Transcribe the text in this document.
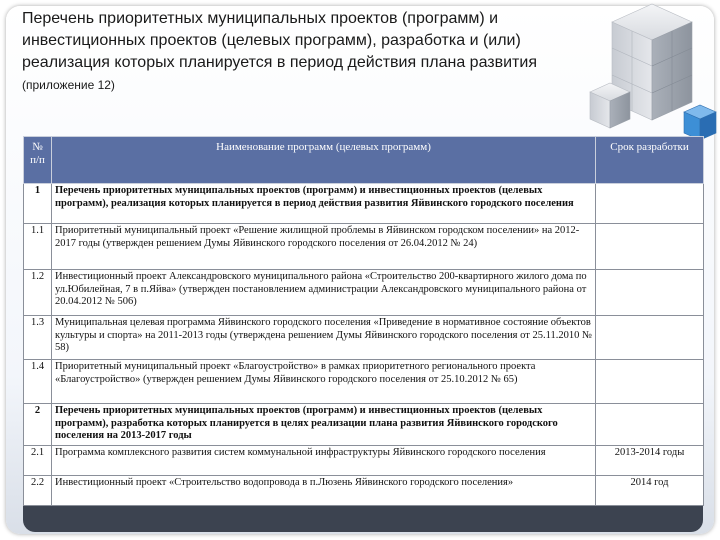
Перечень приоритетных муниципальных проектов (программ) и инвестиционных проектов (целевых программ), разработка и (или) реализация которых планируется в период действия плана развития (приложение 12)
№ п/п	Наименование программ (целевых программ)	Срок разработки
1	Перечень приоритетных муниципальных проектов (программ) и инвестиционных проектов (целевых программ), реализация которых планируется в период действия развития Яйвинского городского поселения	
1.1	Приоритетный муниципальный проект «Решение жилищной проблемы в Яйвинском городском поселении» на 2012-2017 годы (утвержден решением Думы Яйвинского городского поселения от 26.04.2012 № 24)	
1.2	Инвестиционный проект Александровского муниципального района «Строительство 200-квартирного жилого дома по ул.Юбилейная, 7 в п.Яйва» (утвержден постановлением администрации Александровского муниципального района от 20.04.2012 № 506)	
1.3	Муниципальная целевая программа Яйвинского городского поселения «Приведение в нормативное состояние объектов культуры и спорта» на 2011-2013 годы (утверждена решением Думы Яйвинского городского поселения от 25.11.2010 № 58)	
1.4	Приоритетный муниципальный проект «Благоустройство» в рамках приоритетного регионального проекта «Благоустройство» (утвержден решением Думы Яйвинского городского поселения от 25.10.2012 № 65)	
2	Перечень приоритетных муниципальных проектов (программ) и инвестиционных проектов (целевых программ), разработка которых планируется в целях реализации плана развития Яйвинского городского поселения на 2013-2017 годы	
2.1	Программа комплексного развития систем коммунальной инфраструктуры Яйвинского городского поселения	2013-2014 годы
2.2	Инвестиционный проект «Строительство водопровода в п.Люзень Яйвинского городского поселения»	2014 год
